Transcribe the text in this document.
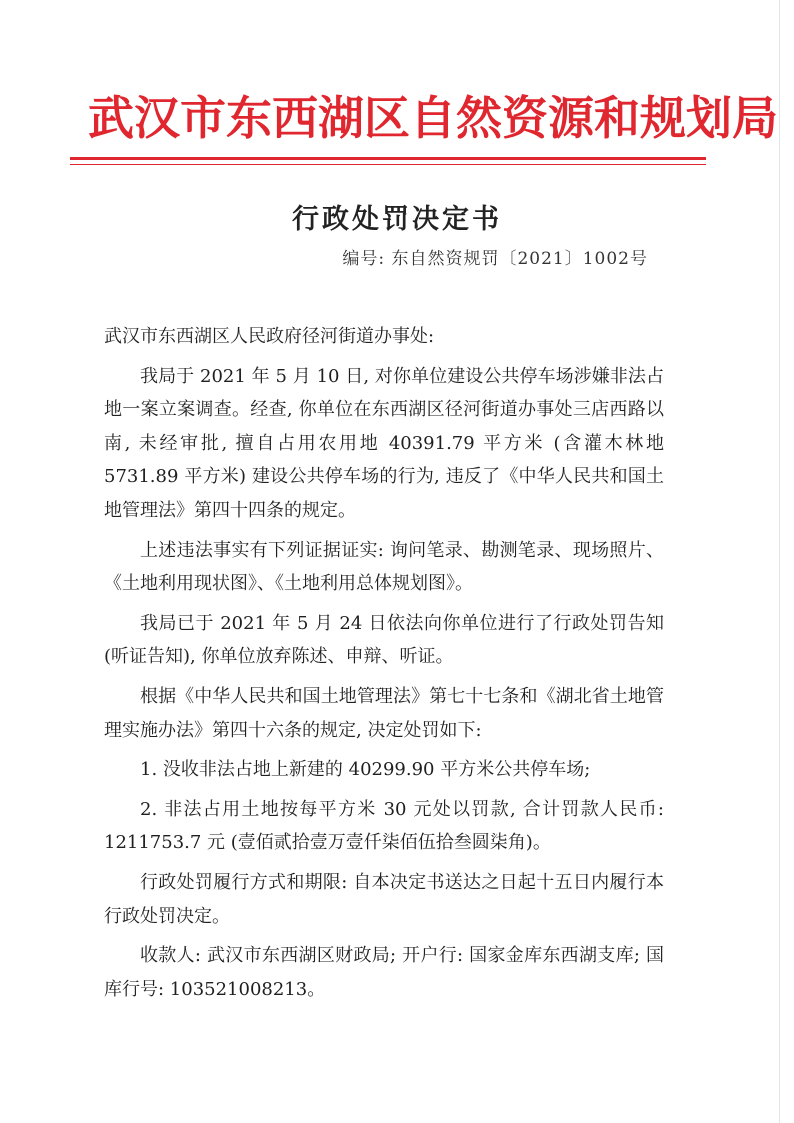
武汉市东西湖区自然资源和规划局
行政处罚决定书
编号: 东自然资规罚〔2021〕1002号

武汉市东西湖区人民政府径河街道办事处:

我局于 2021 年 5 月 10 日, 对你单位建设公共停车场涉嫌非法占地一案立案调查。经查, 你单位在东西湖区径河街道办事处三店西路以南, 未经审批, 擅自占用农用地 40391.79 平方米 (含灌木林地 5731.89 平方米) 建设公共停车场的行为, 违反了《中华人民共和国土地管理法》第四十四条的规定。

上述违法事实有下列证据证实: 询问笔录、勘测笔录、现场照片、《土地利用现状图》、《土地利用总体规划图》。

我局已于 2021 年 5 月 24 日依法向你单位进行了行政处罚告知 (听证告知), 你单位放弃陈述、申辩、听证。

根据《中华人民共和国土地管理法》第七十七条和《湖北省土地管理实施办法》第四十六条的规定, 决定处罚如下:

1. 没收非法占地上新建的 40299.90 平方米公共停车场;

2. 非法占用土地按每平方米 30 元处以罚款, 合计罚款人民币: 1211753.7 元 (壹佰贰拾壹万壹仟柒佰伍拾叁圆柒角)。

行政处罚履行方式和期限: 自本决定书送达之日起十五日内履行本行政处罚决定。

收款人: 武汉市东西湖区财政局; 开户行: 国家金库东西湖支库; 国库行号: 103521008213。
